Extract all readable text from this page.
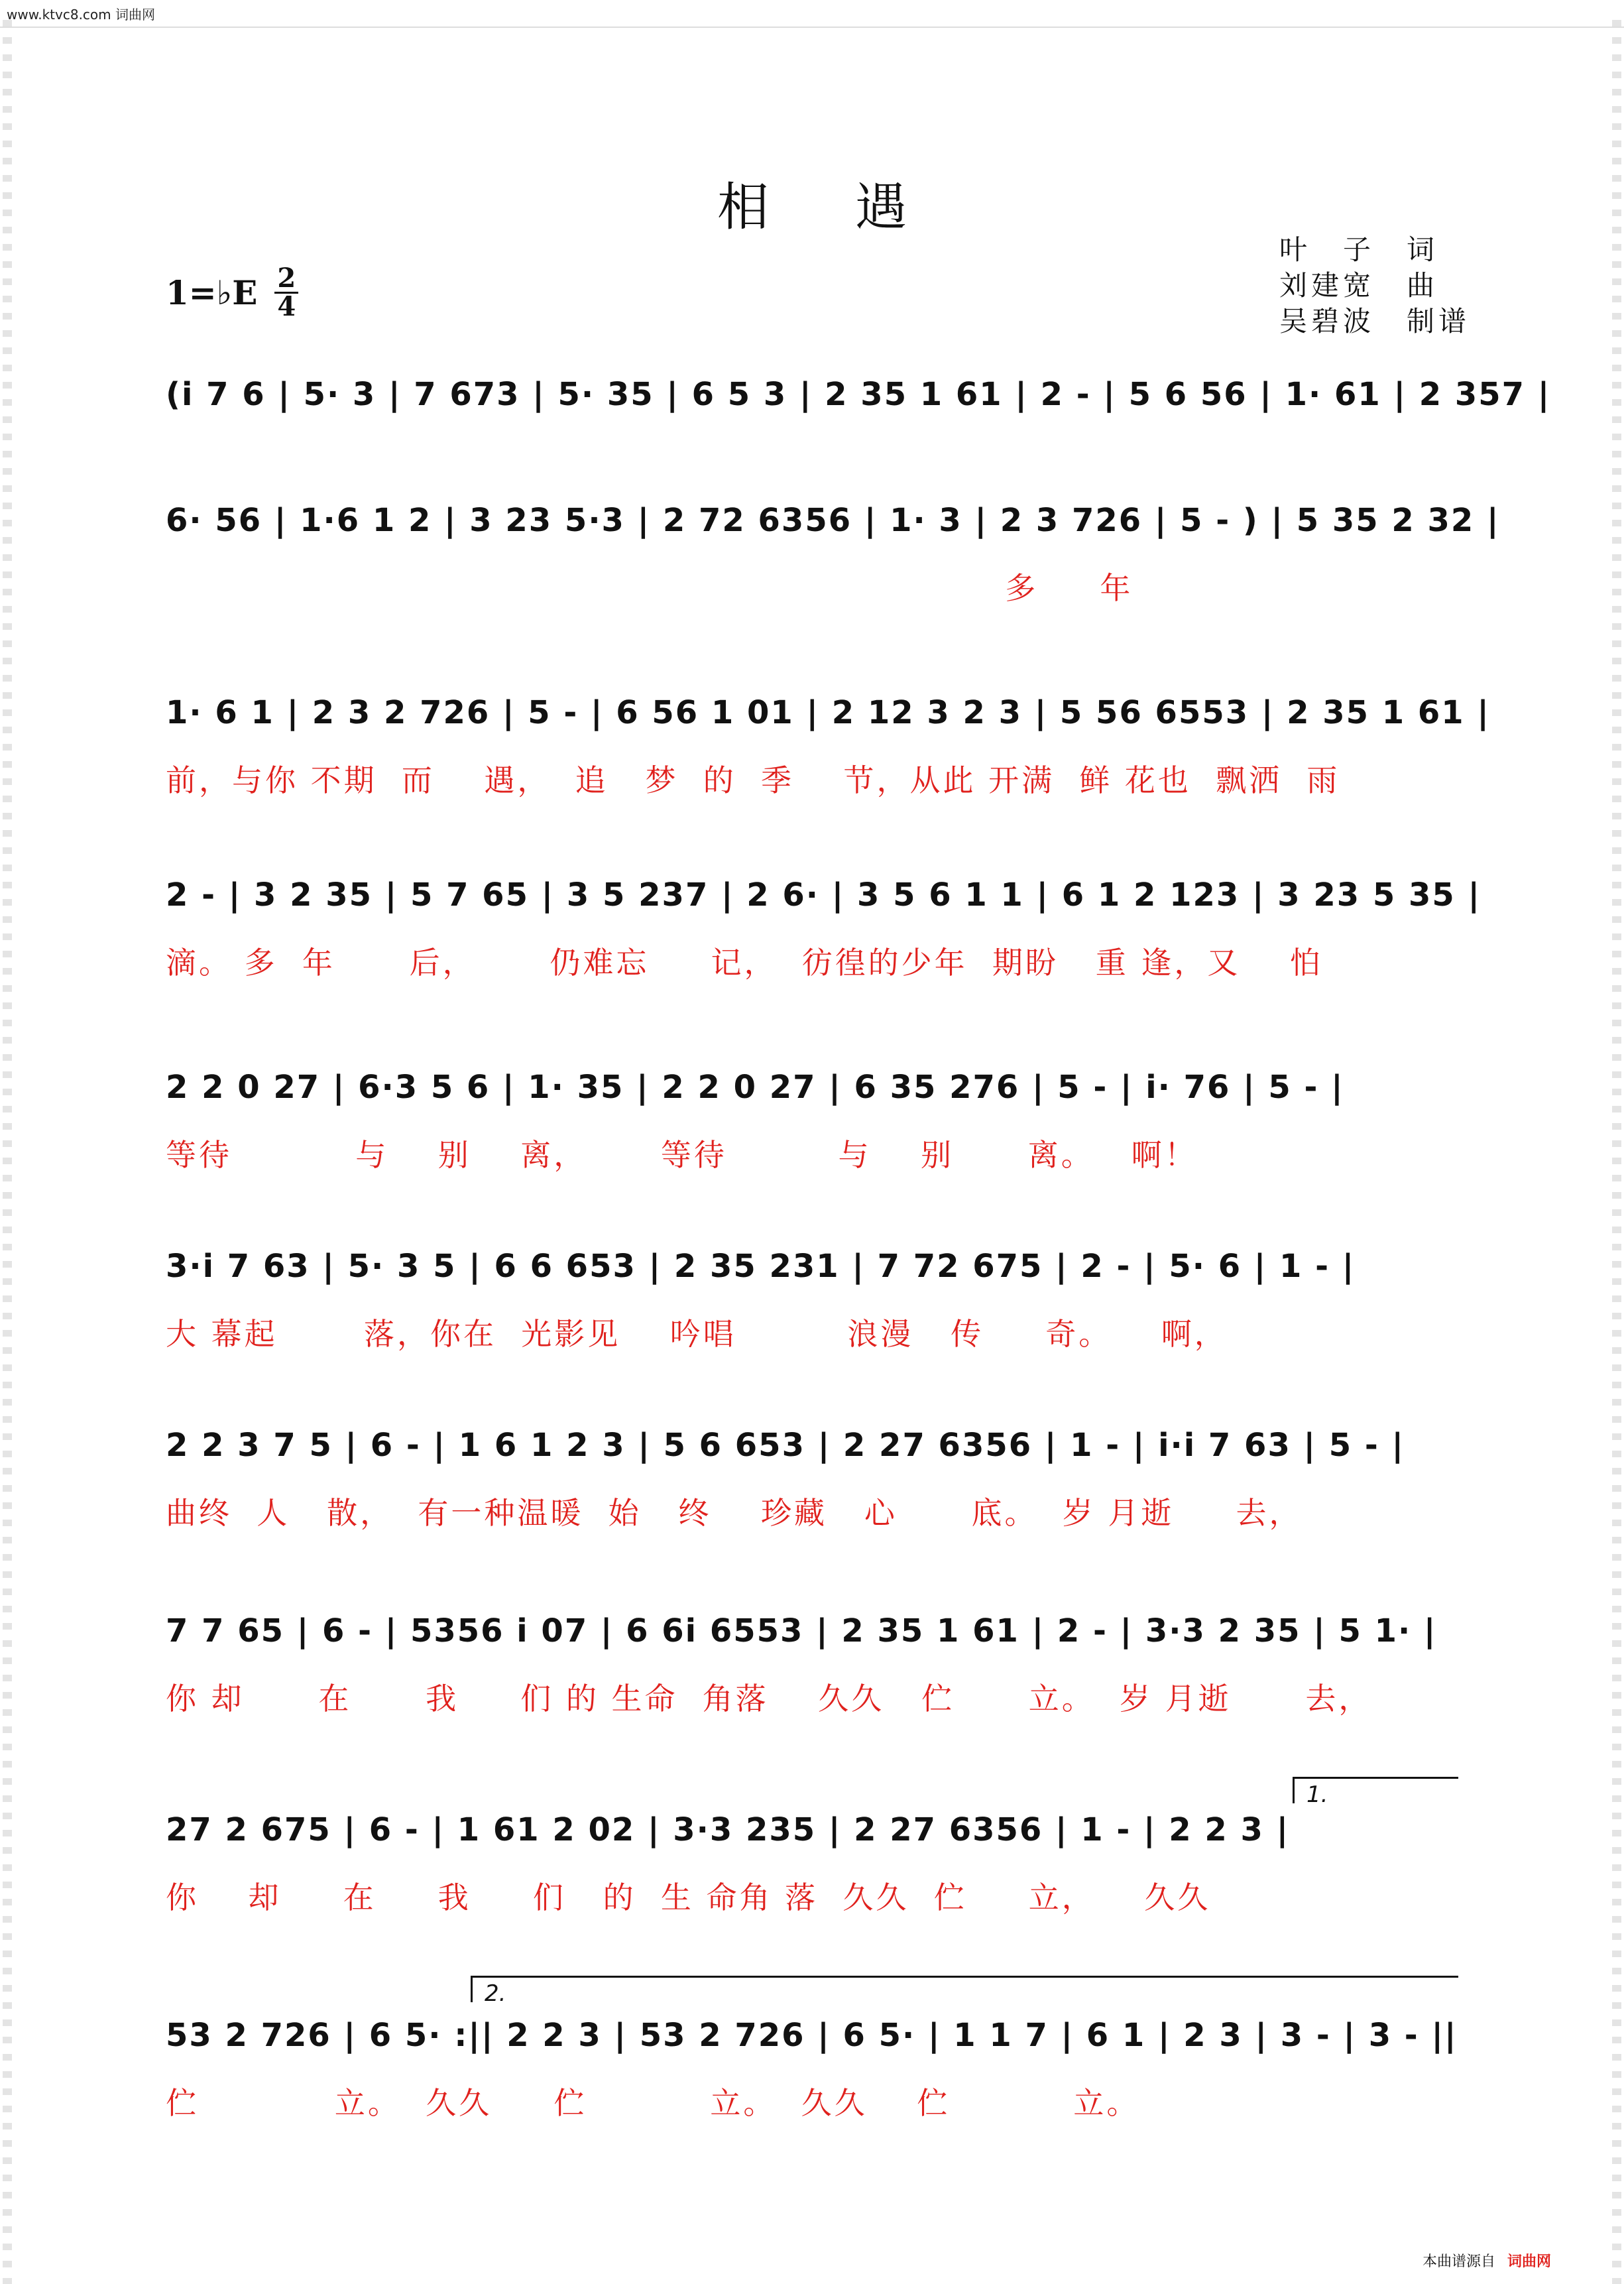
www.ktvc8.com 词曲网
相遇
1=♭E $\frac{2}{4}$
叶　子　词
刘建宽　曲
吴碧波　制谱
(i 7 6 | 5· 3 | 7 673 | 5· 35 | 6 5 3 | 2 35 1 61 | 2 - | 5 6 56 | 1· 61 | 2 357 |
6· 56 | 1·6 1 2 | 3 23 5·3 | 2 72 6356 | 1· 3 | 2 3 726 | 5 - ) | 5 35 2 32 |
多     年
1· 6 1 | 2 3 2 726 | 5 - | 6 56 1 01 | 2 12 3 2 3 | 5 56 6553 | 2 35 1 61 |
前，与你 不期  而    遇，  追   梦  的  季    节，从此 开满  鲜 花也  飘洒  雨
2 - | 3 2 35 | 5 7 65 | 3 5 237 | 2 6· | 3 5 6 1 1 | 6 1 2 123 | 3 23 5 35 |
滴。 多  年      后，      仍难忘     记，  彷徨的少年  期盼   重 逢，又    怕
2 2 0 27 | 6·3 5 6 | 1· 35 | 2 2 0 27 | 6 35 276 | 5 - | i· 76 | 5 - |
等待          与    别    离，      等待         与    别      离。   啊！
3·i 7 63 | 5· 3 5 | 6 6 653 | 2 35 231 | 7 72 675 | 2 - | 5· 6 | 1 - |
大 幕起       落，你在  光影见    吟唱         浪漫   传     奇。    啊，
2 2 3 7 5 | 6 - | 1 6 1 2 3 | 5 6 653 | 2 27 6356 | 1 - | i·i 7 63 | 5 - |
曲终  人   散，  有一种温暖  始   终    珍藏   心      底。  岁 月逝     去，
7 7 65 | 6 - | 5356 i 07 | 6 6i 6553 | 2 35 1 61 | 2 - | 3·3 2 35 | 5 1· |
你 却      在      我     们 的 生命  角落    久久   伫      立。  岁 月逝      去，
1.
27 2 675 | 6 - | 1 61 2 02 | 3·3 235 | 2 27 6356 | 1 - | 2 2 3 |
你    却     在     我     们   的  生 命角 落  久久  伫     立，    久久
2.
53 2 726 | 6 5· :|| 2 2 3 | 53 2 726 | 6 5· | 1 1 7 | 6 1 | 2 3 | 3 - | 3 - ||
伫           立。  久久     伫          立。  久久    伫          立。
本曲谱源自 词曲网
